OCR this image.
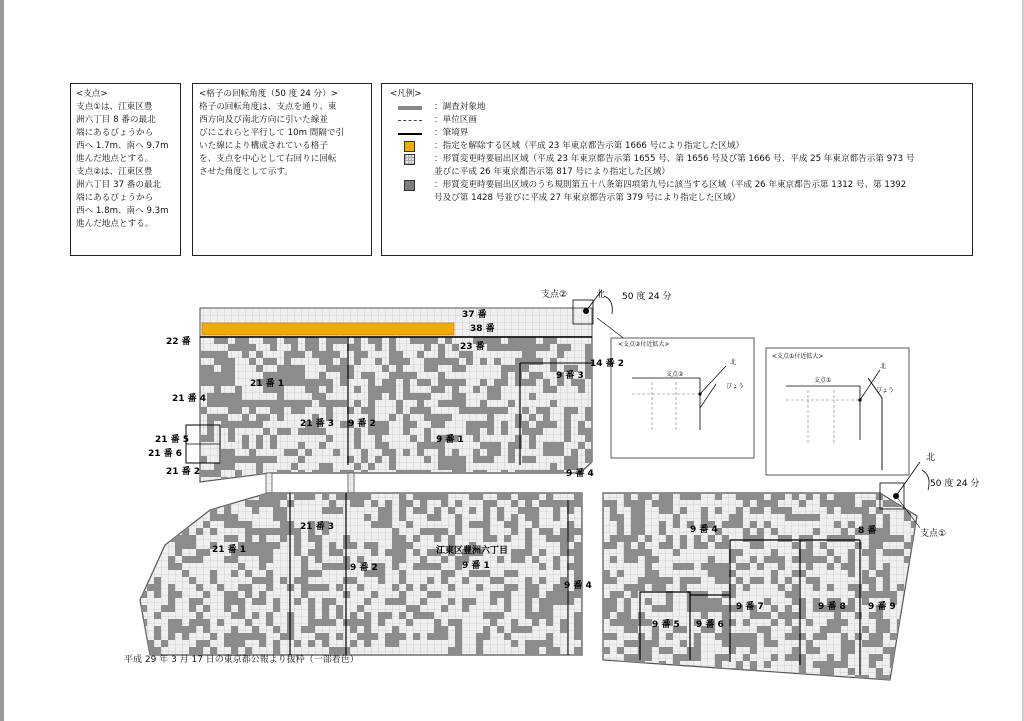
<支点>
支点①は、江東区豊
洲六丁目 8 番の最北
端にあるびょうから
西へ 1.7m、南へ 9.7m
進んだ地点とする。
支点②は、江東区豊
洲六丁目 37 番の最北
端にあるびょうから
西へ 1.8m、南へ 9.3m
進んだ地点とする。
<格子の回転角度（50 度 24 分）>
格子の回転角度は、支点を通り、東
西方向及び南北方向に引いた線並
びにこれらと平行して 10m 間隔で引
いた線により構成されている格子
を、支点を中心として右回りに回転
させた角度として示す。
<凡例>
：調査対象地
：単位区画
：筆境界
：指定を解除する区域（平成 23 年東京都告示第 1666 号により指定した区域）
：形質変更時要届出区域（平成 23 年東京都告示第 1655 号、第 1656 号及び第 1666 号、平成 25 年東京都告示第 973 号
並びに平成 26 年東京都告示第 817 号により指定した区域）
：形質変更時要届出区域のうち規則第五十八条第四項第九号に該当する区域（平成 26 年東京都告示第 1312 号、第 1392
号及び第 1428 号並びに平成 27 年東京都告示第 379 号により指定した区域）
支点②	北 50 度 24 分
北
50 度 24 分
支点①
<支点②付近拡大>
支点②
北
びょう
<支点①付近拡大>
支点①
北
びょう
37 番
38 番
23 番
22 番
14 番 2
21 番 1
21 番 4
21 番 3 9 番 2
9 番 3
9 番 1
21 番 5
21 番 6
21 番 2	9 番 4
21 番 3
21 番 1	江東区豊洲六丁目
9 番 2	9 番 1
9 番 4
9 番 4	8 番
9 番 5 9 番 6
9 番 7	9 番 8 9 番 9
平成 29 年 3 月 17 日の東京都公報より抜粋（一部着色）
